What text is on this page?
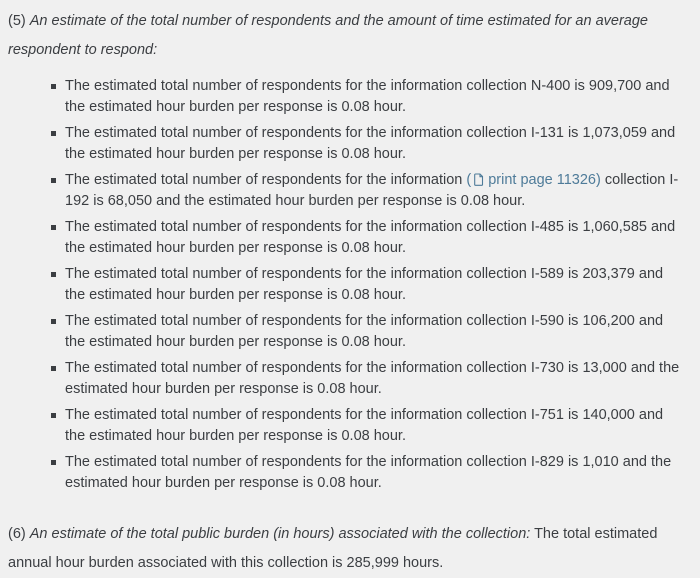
(5) An estimate of the total number of respondents and the amount of time estimated for an average respondent to respond:

The estimated total number of respondents for the information collection N-400 is 909,700 and the estimated hour burden per response is 0.08 hour.
The estimated total number of respondents for the information collection I-131 is 1,073,059 and the estimated hour burden per response is 0.08 hour.
The estimated total number of respondents for the information ( print page 11326) collection I-192 is 68,050 and the estimated hour burden per response is 0.08 hour.
The estimated total number of respondents for the information collection I-485 is 1,060,585 and the estimated hour burden per response is 0.08 hour.
The estimated total number of respondents for the information collection I-589 is 203,379 and the estimated hour burden per response is 0.08 hour.
The estimated total number of respondents for the information collection I-590 is 106,200 and the estimated hour burden per response is 0.08 hour.
The estimated total number of respondents for the information collection I-730 is 13,000 and the estimated hour burden per response is 0.08 hour.
The estimated total number of respondents for the information collection I-751 is 140,000 and the estimated hour burden per response is 0.08 hour.
The estimated total number of respondents for the information collection I-829 is 1,010 and the estimated hour burden per response is 0.08 hour.

(6) An estimate of the total public burden (in hours) associated with the collection: The total estimated annual hour burden associated with this collection is 285,999 hours.
